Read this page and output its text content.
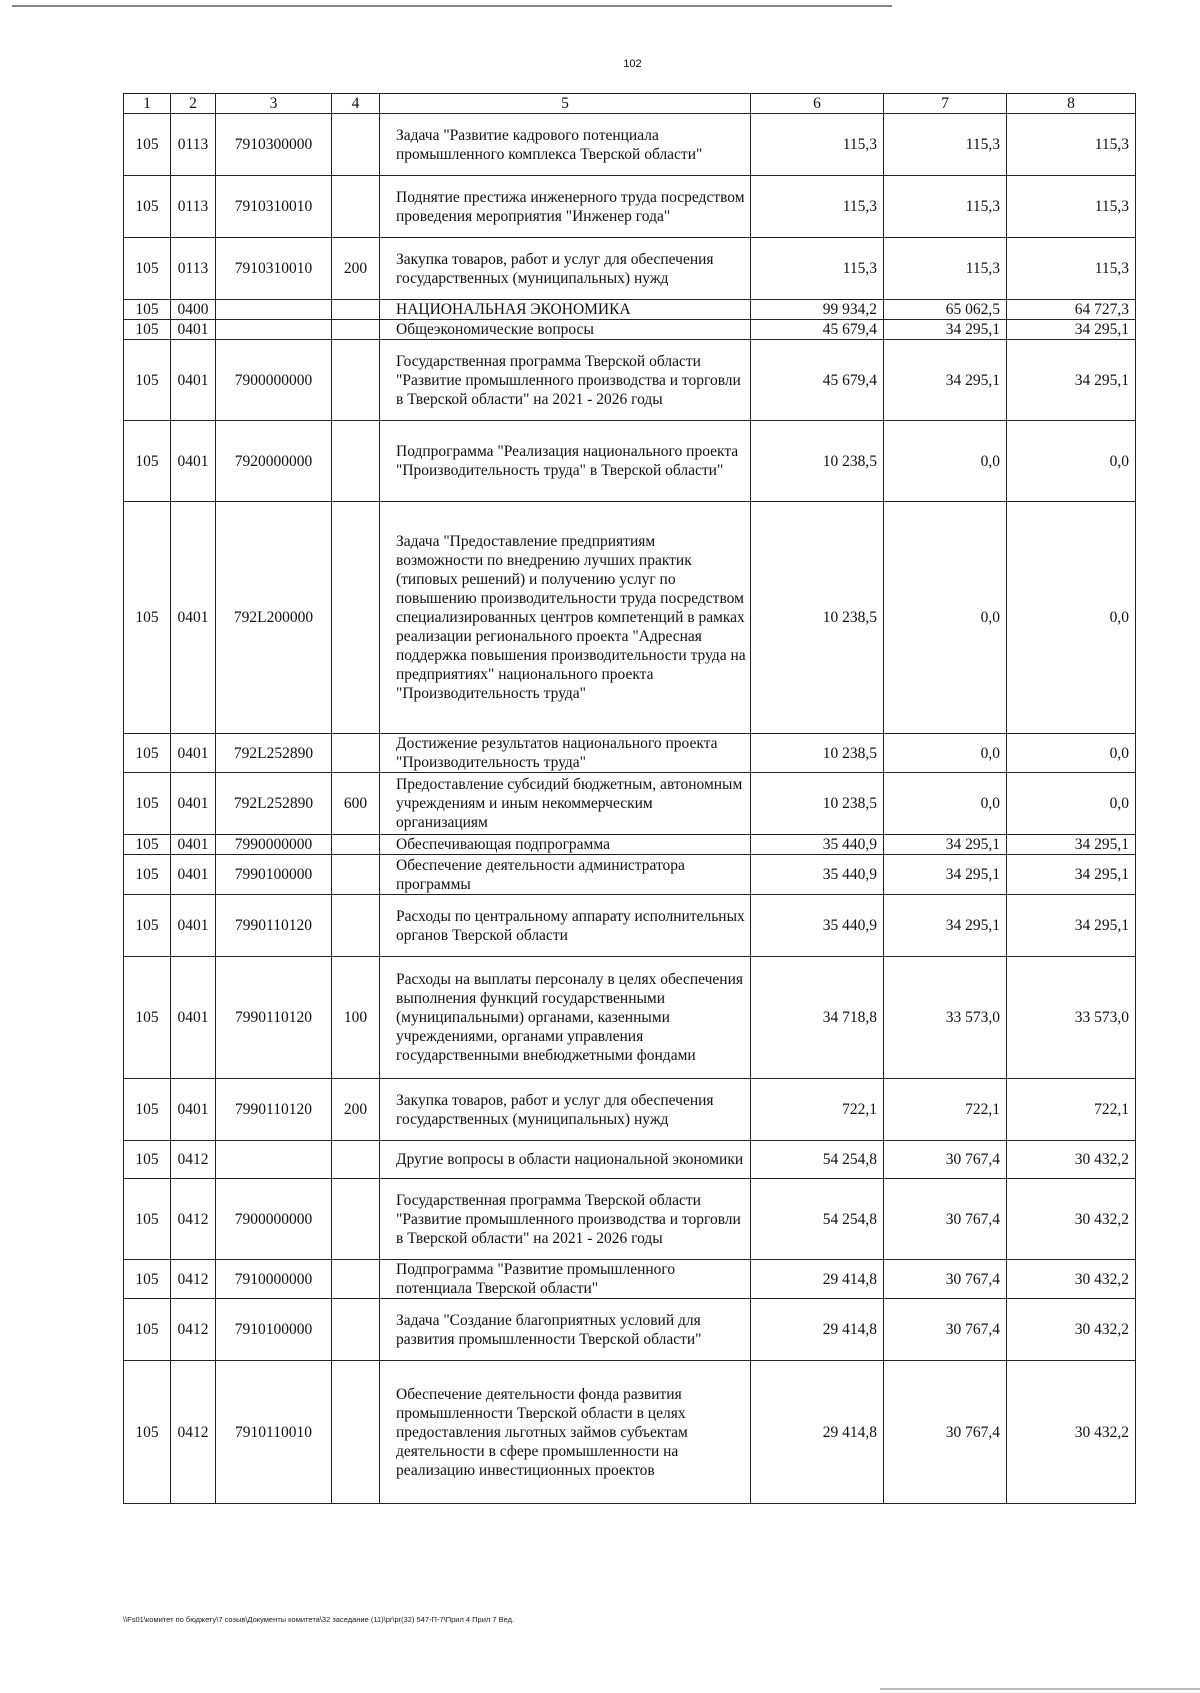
102
1	2	3	4	5	6	7	8
105	0113	7910300000		Задача "Развитие кадрового потенциала промышленного комплекса Тверской области"	115,3	115,3	115,3
105	0113	7910310010		Поднятие престижа инженерного труда посредством проведения мероприятия "Инженер года"	115,3	115,3	115,3
105	0113	7910310010	200	Закупка товаров, работ и услуг для обеспечения государственных (муниципальных) нужд	115,3	115,3	115,3
105	0400			НАЦИОНАЛЬНАЯ ЭКОНОМИКА	99 934,2	65 062,5	64 727,3
105	0401			Общеэкономические вопросы	45 679,4	34 295,1	34 295,1
105	0401	7900000000		Государственная программа Тверской области "Развитие промышленного производства и торговли в Тверской области" на 2021 - 2026 годы	45 679,4	34 295,1	34 295,1
105	0401	7920000000		Подпрограмма "Реализация национального проекта "Производительность труда" в Тверской области"	10 238,5	0,0	0,0
105	0401	792L200000		Задача "Предоставление предприятиям возможности по внедрению лучших практик (типовых решений) и получению услуг по повышению производительности труда посредством специализированных центров компетенций в рамках реализации регионального проекта "Адресная поддержка повышения производительности труда на предприятиях" национального проекта "Производительность труда"	10 238,5	0,0	0,0
105	0401	792L252890		Достижение результатов национального проекта "Производительность труда"	10 238,5	0,0	0,0
105	0401	792L252890	600	Предоставление субсидий бюджетным, автономным учреждениям и иным некоммерческим организациям	10 238,5	0,0	0,0
105	0401	7990000000		Обеспечивающая подпрограмма	35 440,9	34 295,1	34 295,1
105	0401	7990100000		Обеспечение деятельности администратора программы	35 440,9	34 295,1	34 295,1
105	0401	7990110120		Расходы по центральному аппарату исполнительных органов Тверской области	35 440,9	34 295,1	34 295,1
105	0401	7990110120	100	Расходы на выплаты персоналу в целях обеспечения выполнения функций государственными (муниципальными) органами, казенными учреждениями, органами управления государственными внебюджетными фондами	34 718,8	33 573,0	33 573,0
105	0401	7990110120	200	Закупка товаров, работ и услуг для обеспечения государственных (муниципальных) нужд	722,1	722,1	722,1
105	0412			Другие вопросы в области национальной экономики	54 254,8	30 767,4	30 432,2
105	0412	7900000000		Государственная программа Тверской области "Развитие промышленного производства и торговли в Тверской области" на 2021 - 2026 годы	54 254,8	30 767,4	30 432,2
105	0412	7910000000		Подпрограмма "Развитие промышленного потенциала Тверской области"	29 414,8	30 767,4	30 432,2
105	0412	7910100000		Задача "Создание благоприятных условий для развития промышленности Тверской области"	29 414,8	30 767,4	30 432,2
105	0412	7910110010		Обеспечение деятельности фонда развития промышленности Тверской области в целях предоставления льготных займов субъектам деятельности в сфере промышленности на реализацию инвестиционных проектов	29 414,8	30 767,4	30 432,2
\\Fs01\комитет по бюджету\7 созыв\Документы комитета\32 заседание (11)\pr\pr(32) 547-П-7\Прил 4 Прил 7 Вед.
